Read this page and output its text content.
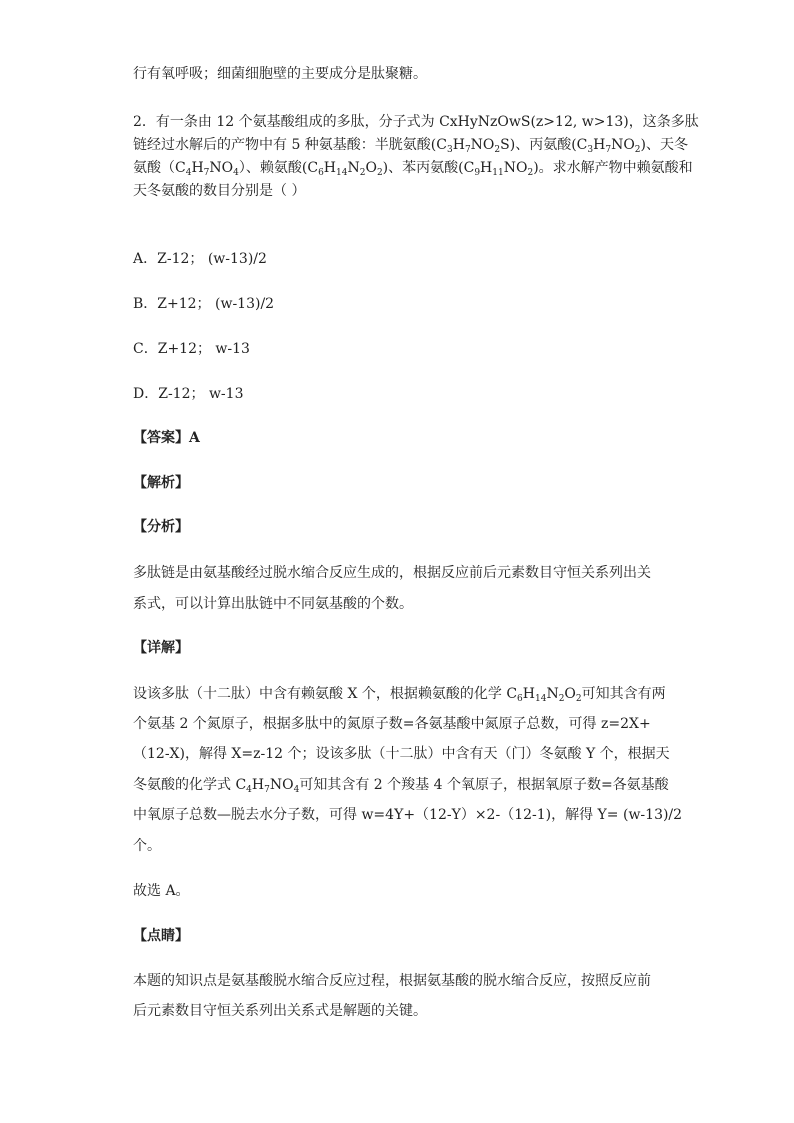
行有氧呼吸；细菌细胞壁的主要成分是肽聚糖。
2．有一条由 12 个氨基酸组成的多肽，分子式为 CxHyNzOwS(z>12, w>13)，这条多肽
链经过水解后的产物中有 5 种氨基酸：半胱氨酸$(C_3H_7NO_2S)$、丙氨酸$(C_3H_7NO_2)$、天冬
氨酸$(C_4H_7NO_4)$、赖氨酸$(C_6H_{14}N_2O_2)$、苯丙氨酸$(C_9H_{11}NO_2)$。求水解产物中赖氨酸和
天冬氨酸的数目分别是（ ）
A．Z-12； (w-13)/2
B．Z+12； (w-13)/2
C．Z+12； w-13
D．Z-12； w-13
【答案】A
【解析】
【分析】
多肽链是由氨基酸经过脱水缩合反应生成的，根据反应前后元素数目守恒关系列出关
系式，可以计算出肽链中不同氨基酸的个数。
【详解】
设该多肽（十二肽）中含有赖氨酸 X 个，根据赖氨酸的化学 $C_6H_{14}N_2O_2$可知其含有两
个氨基 2 个氮原子，根据多肽中的氮原子数=各氨基酸中氮原子总数，可得 z=2X+
（12-X)，解得 X=z-12 个；设该多肽（十二肽）中含有天（门）冬氨酸 Y 个，根据天
冬氨酸的化学式 $C_4H_7NO_4$可知其含有 2 个羧基 4 个氧原子，根据氧原子数=各氨基酸
中氧原子总数—脱去水分子数，可得 w=4Y+（12-Y）×2-（12-1)，解得 Y= (w-13)/2
个。
故选 A。
【点睛】
本题的知识点是氨基酸脱水缩合反应过程，根据氨基酸的脱水缩合反应，按照反应前
后元素数目守恒关系列出关系式是解题的关键。
